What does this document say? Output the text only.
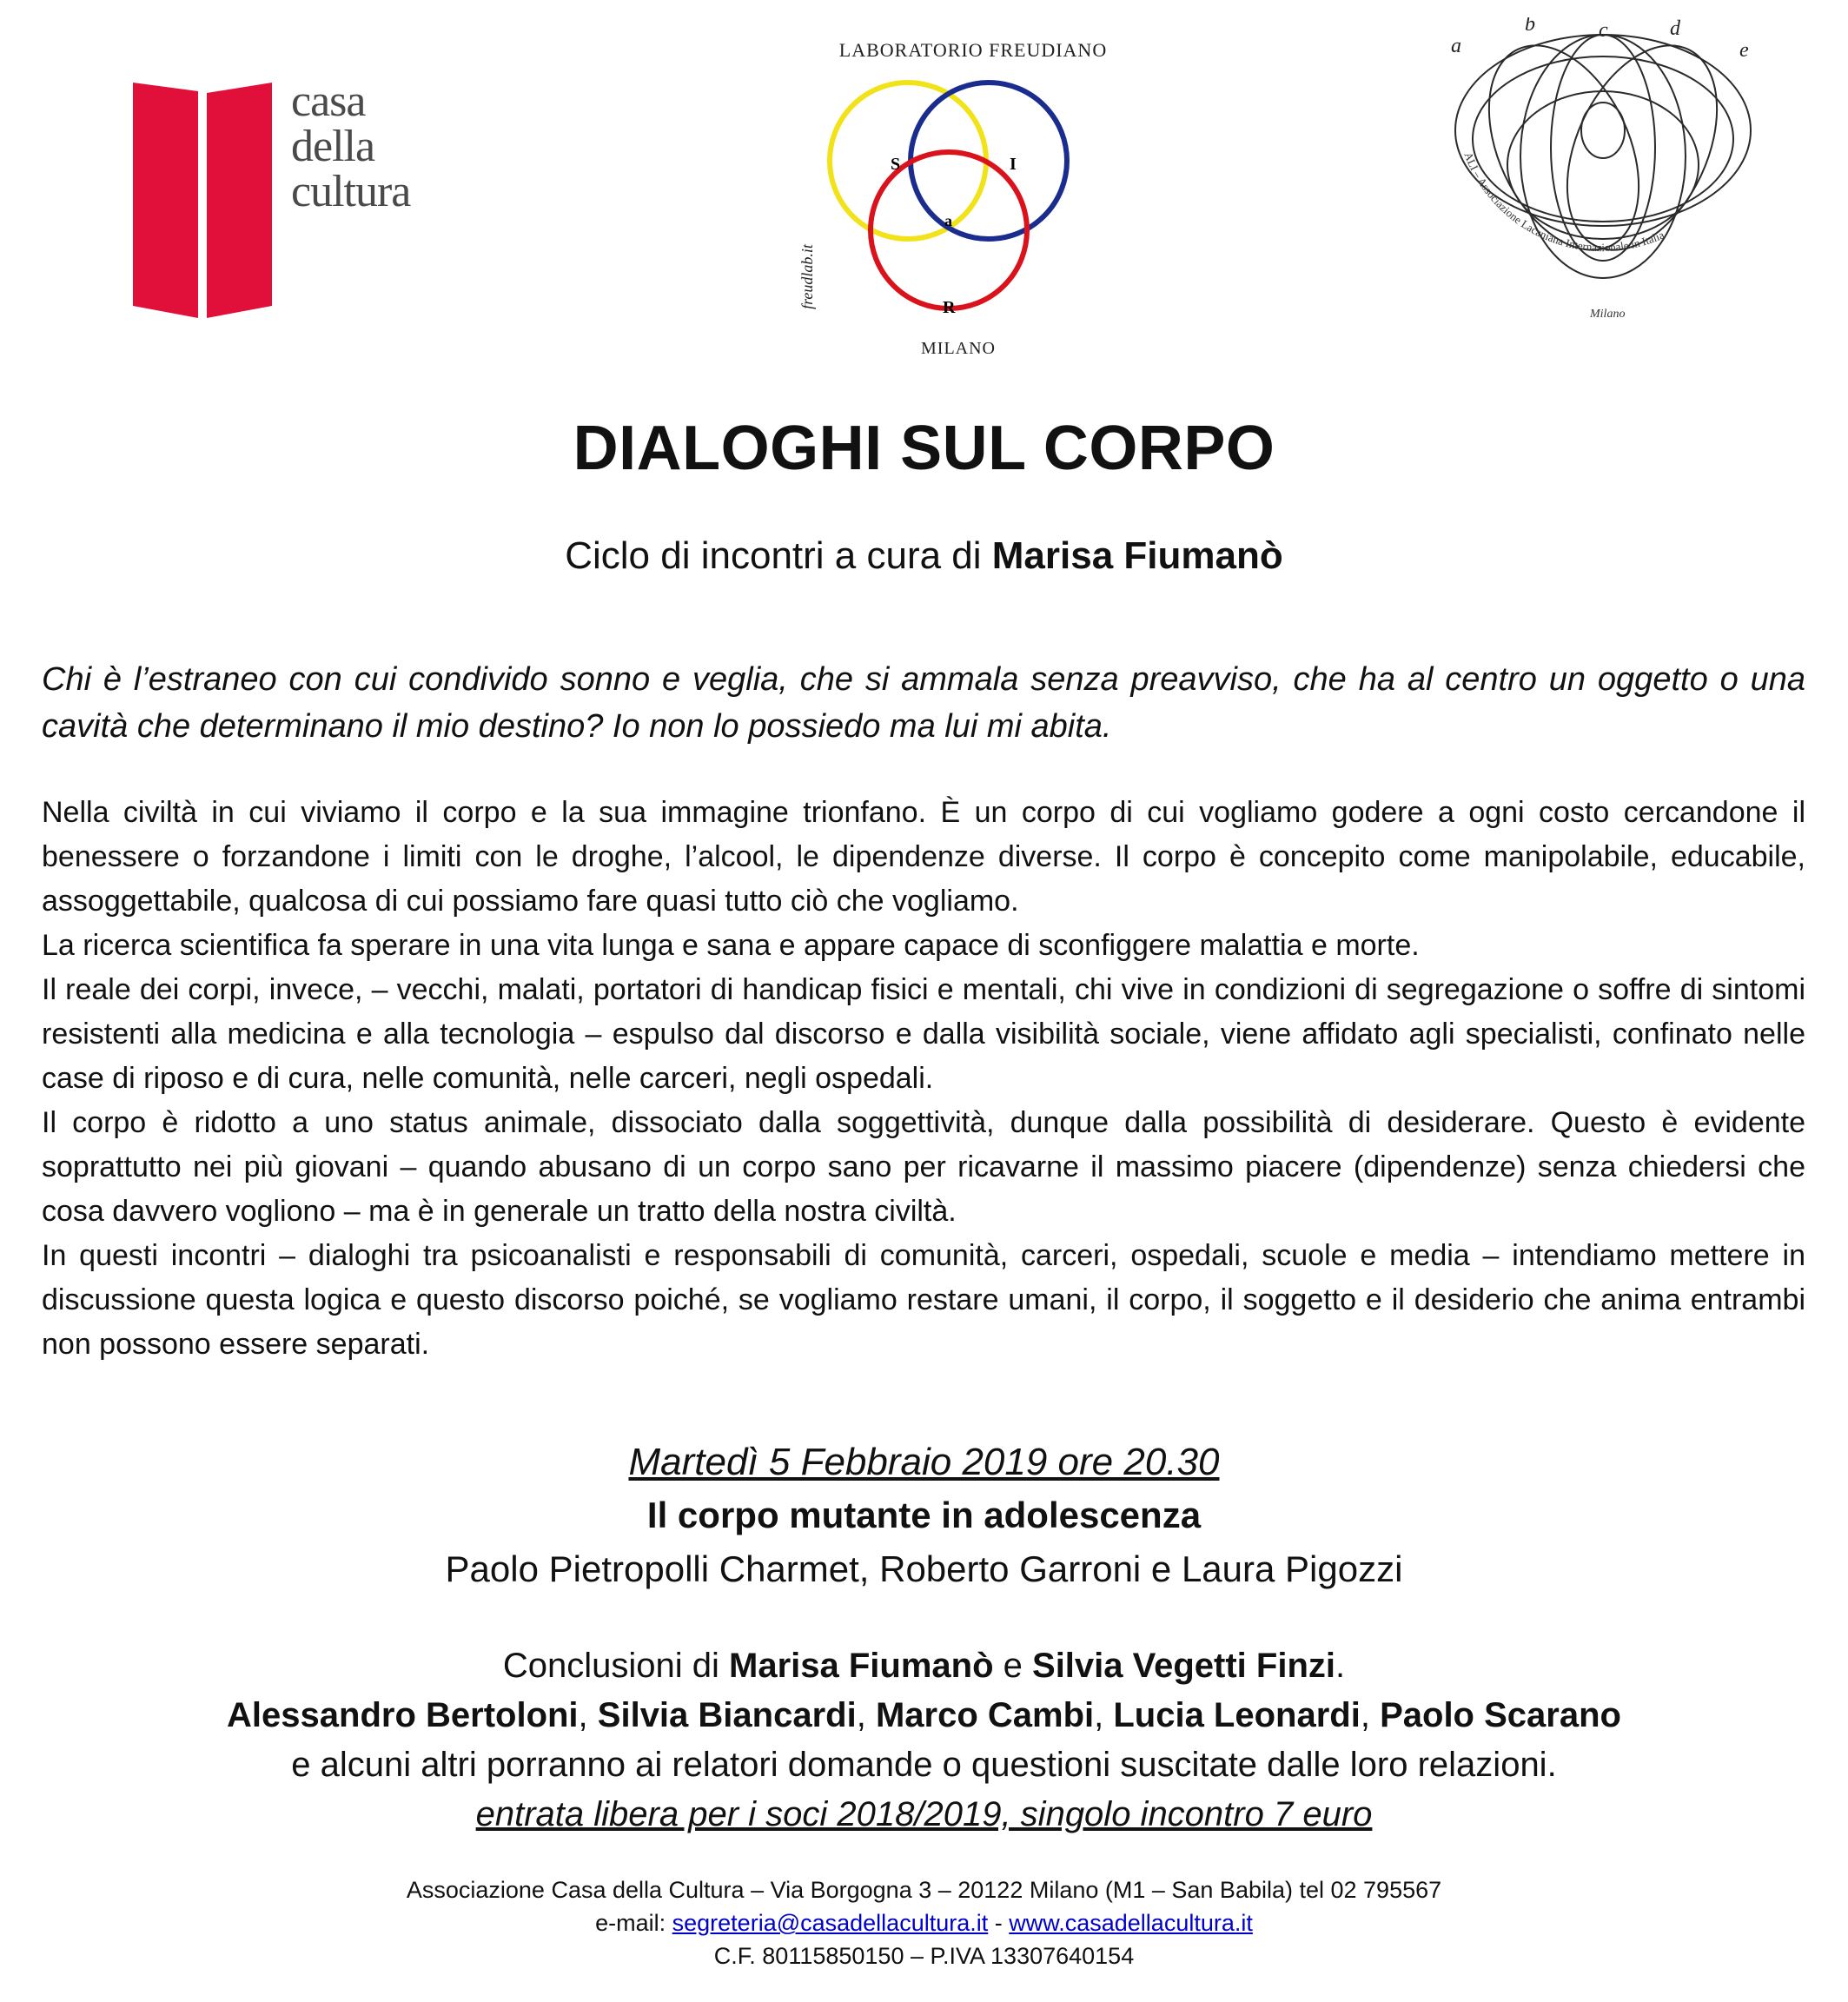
casa
della
cultura
LABORATORIO FREUDIANO
S	I
a
R
freudlab.it
MILANO
a
b	c	d
e
ALI – Associazione Lacaniana Internazionale in Italia
Milano
DIALOGHI SUL CORPO
Ciclo di incontri a cura di Marisa Fiumanò
Chi è l’estraneo con cui condivido sonno e veglia, che si ammala senza preavviso, che ha al centro un oggetto o una cavità che determinano il mio destino? Io non lo possiedo ma lui mi abita.

Nella civiltà in cui viviamo il corpo e la sua immagine trionfano. È un corpo di cui vogliamo godere a ogni costo cercandone il benessere o forzandone i limiti con le droghe, l’alcool, le dipendenze diverse. Il corpo è concepito come manipolabile, educabile, assoggettabile, qualcosa di cui possiamo fare quasi tutto ciò che vogliamo.

La ricerca scientifica fa sperare in una vita lunga e sana e appare capace di sconfiggere malattia e morte.

Il reale dei corpi, invece, – vecchi, malati, portatori di handicap fisici e mentali, chi vive in condizioni di segregazione o soffre di sintomi resistenti alla medicina e alla tecnologia – espulso dal discorso e dalla visibilità sociale, viene affidato agli specialisti, confinato nelle case di riposo e di cura, nelle comunità, nelle carceri, negli ospedali.

Il corpo è ridotto a uno status animale, dissociato dalla soggettività, dunque dalla possibilità di desiderare. Questo è evidente soprattutto nei più giovani – quando abusano di un corpo sano per ricavarne il massimo piacere (dipendenze) senza chiedersi che cosa davvero vogliono – ma è in generale un tratto della nostra civiltà.

In questi incontri – dialoghi tra psicoanalisti e responsabili di comunità, carceri, ospedali, scuole e media – intendiamo mettere in discussione questa logica e questo discorso poiché, se vogliamo restare umani, il corpo, il soggetto e il desiderio che anima entrambi non possono essere separati.

Martedì 5 Febbraio 2019 ore 20.30
Il corpo mutante in adolescenza
Paolo Pietropolli Charmet, Roberto Garroni e Laura Pigozzi
Conclusioni di Marisa Fiumanò e Silvia Vegetti Finzi.
Alessandro Bertoloni, Silvia Biancardi, Marco Cambi, Lucia Leonardi, Paolo Scarano
e alcuni altri porranno ai relatori domande o questioni suscitate dalle loro relazioni.
entrata libera per i soci 2018/2019, singolo incontro 7 euro
Associazione Casa della Cultura – Via Borgogna 3 – 20122 Milano (M1 – San Babila) tel 02 795567
e-mail: segreteria@casadellacultura.it - www.casadellacultura.it
C.F. 80115850150 – P.IVA 13307640154
